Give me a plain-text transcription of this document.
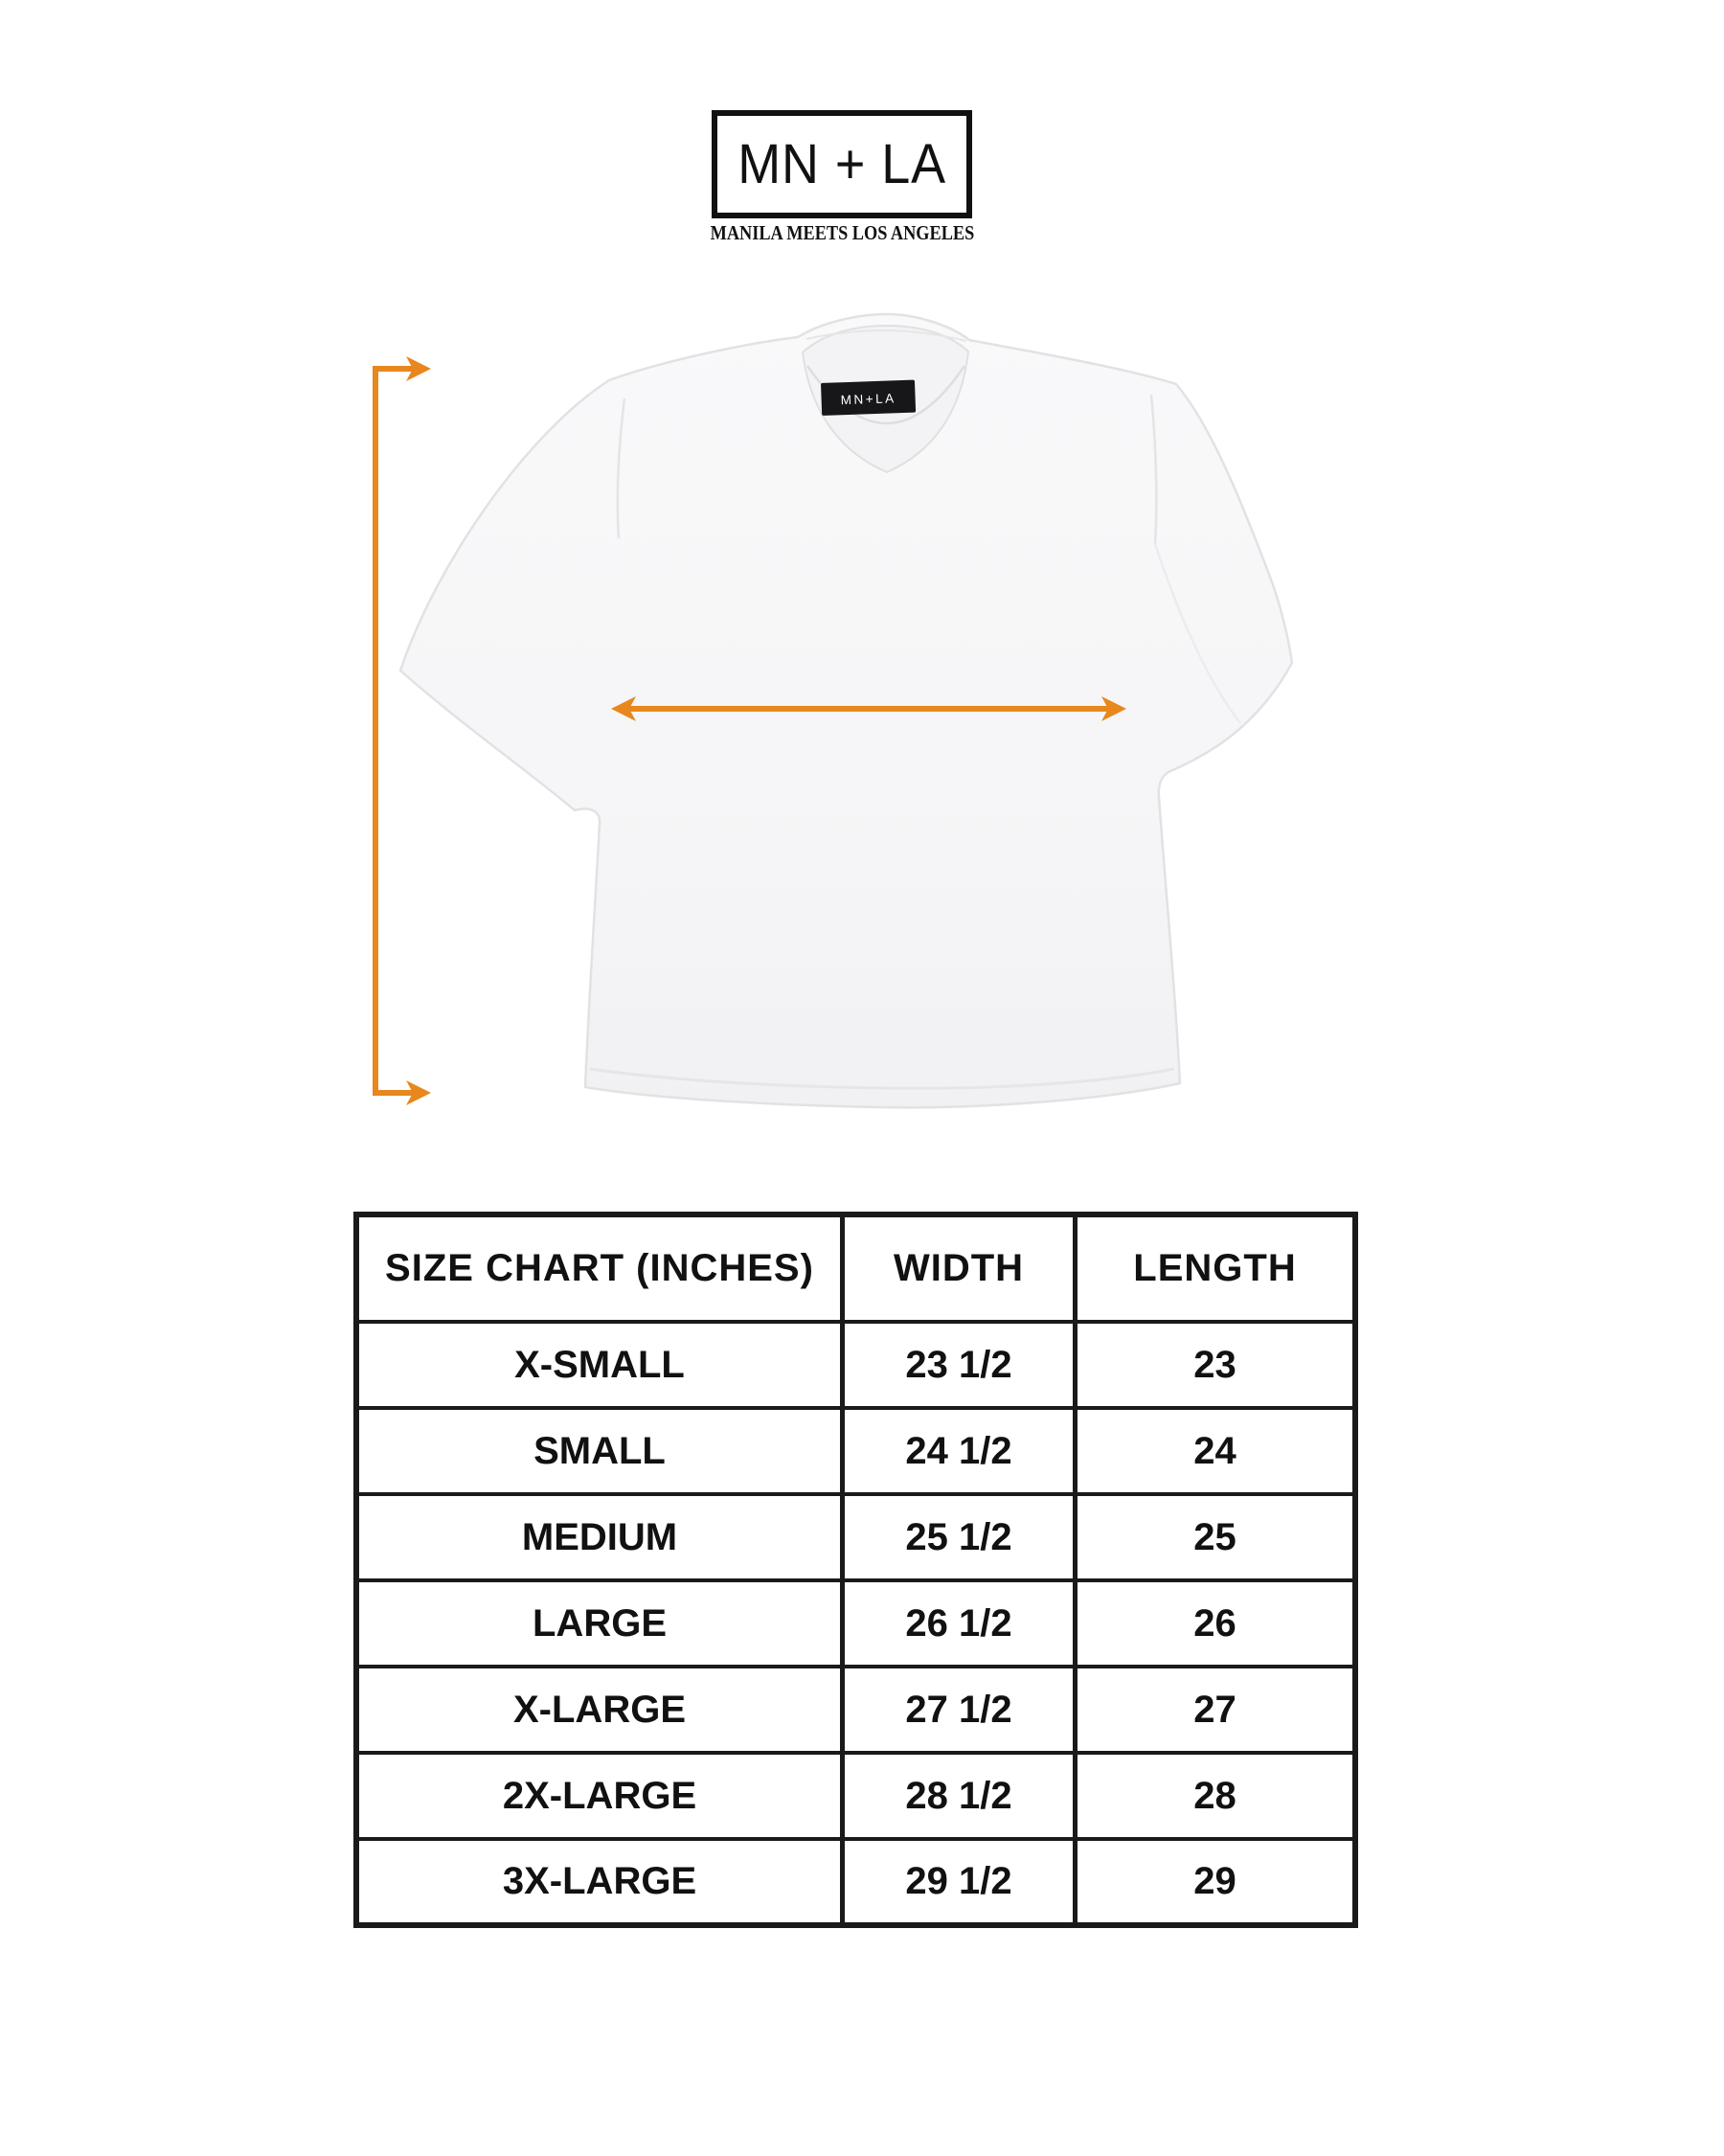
MN + LA
MANILA MEETS LOS ANGELES
MN+LA
SIZE CHART (INCHES)	WIDTH	LENGTH
X-SMALL	23 1/2	23
SMALL	24 1/2	24
MEDIUM	25 1/2	25
LARGE	26 1/2	26
X-LARGE	27 1/2	27
2X-LARGE	28 1/2	28
3X-LARGE	29 1/2	29
